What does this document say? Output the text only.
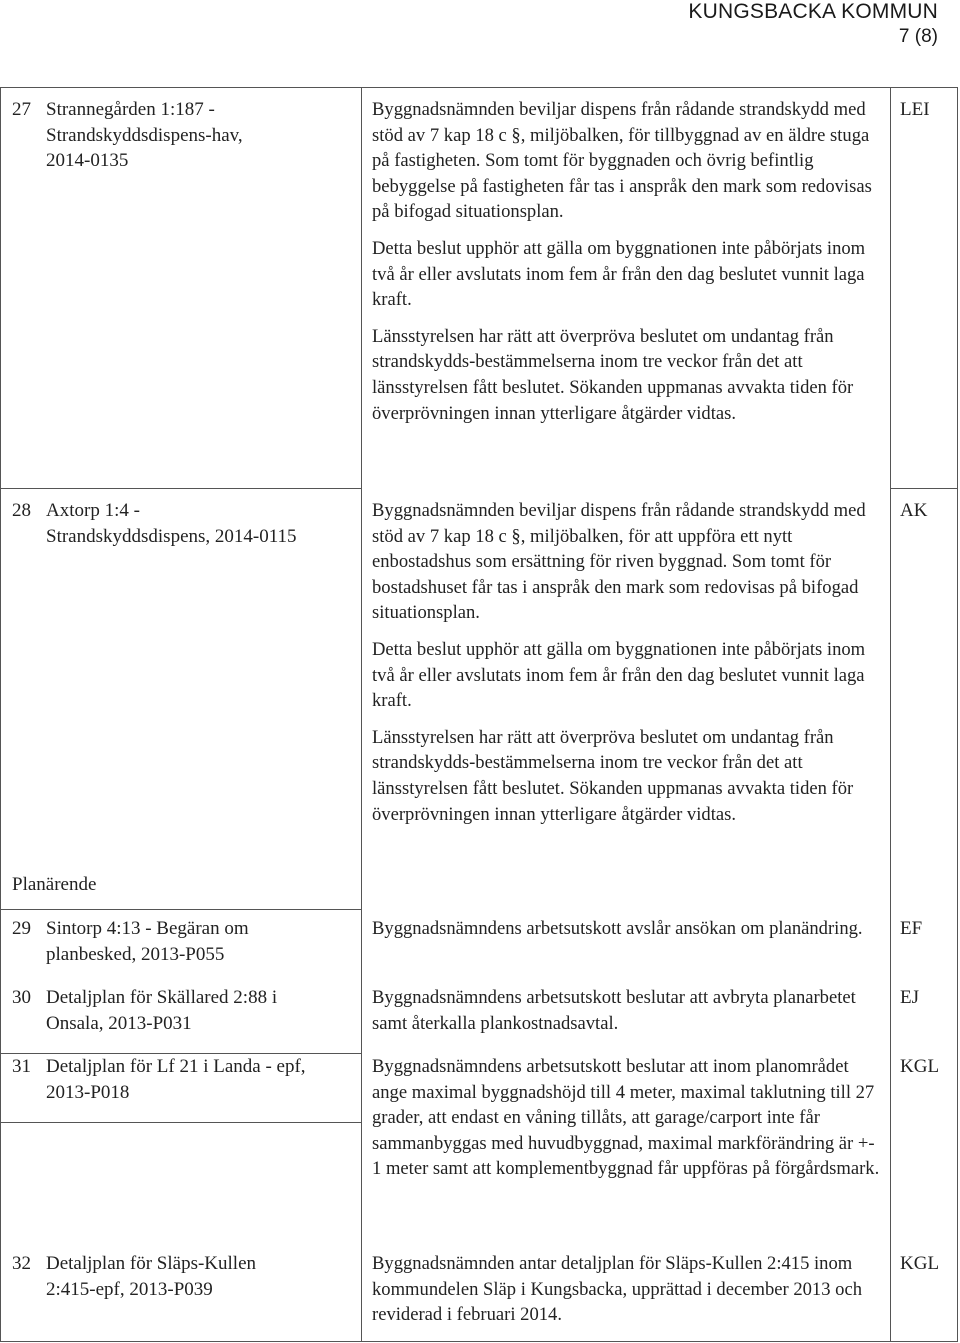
KUNGSBACKA KOMMUN
7 (8)
Planärende
27 Strannegården 1:187 -
Strandskyddsdispens-hav,
2014-0135

Byggnadsnämnden beviljar dispens från rådande strandskydd med stöd av 7 kap 18 c §, miljöbalken, för tillbyggnad av en äldre stuga på fastigheten. Som tomt för byggnaden och övrig befintlig bebyggelse på fastigheten får tas i anspråk den mark som redovisas på bifogad situationsplan.

Detta beslut upphör att gälla om byggnationen inte påbörjats inom två år eller avslutats inom fem år från den dag beslutet vunnit laga kraft.

Länsstyrelsen har rätt att överpröva beslutet om undantag från strandskydds-bestämmelserna inom tre veckor från det att länsstyrelsen fått beslutet. Sökanden uppmanas avvakta tiden för överprövningen innan ytterligare åtgärder vidtas.

LEI
28 Axtorp 1:4 -
Strandskyddsdispens, 2014-0115

Byggnadsnämnden beviljar dispens från rådande strandskydd med stöd av 7 kap 18 c §, miljöbalken, för att uppföra ett nytt enbostadshus som ersättning för riven byggnad. Som tomt för bostadshuset får tas i anspråk den mark som redovisas på bifogad situationsplan.

Detta beslut upphör att gälla om byggnationen inte påbörjats inom två år eller avslutats inom fem år från den dag beslutet vunnit laga kraft.

Länsstyrelsen har rätt att överpröva beslutet om undantag från strandskydds-bestämmelserna inom tre veckor från det att länsstyrelsen fått beslutet. Sökanden uppmanas avvakta tiden för överprövningen innan ytterligare åtgärder vidtas.

AK
29 Sintorp 4:13 - Begäran om
planbesked, 2013-P055

Byggnadsnämndens arbetsutskott avslår ansökan om planändring.	EF
30 Detaljplan för Skällared 2:88 i
Onsala, 2013-P031

Byggnadsnämndens arbetsutskott beslutar att avbryta planarbetet samt återkalla plankostnadsavtal.

EJ
31 Detaljplan för Lf 21 i Landa - epf,
2013-P018

Byggnadsnämndens arbetsutskott beslutar att inom planområdet ange maximal byggnadshöjd till 4 meter, maximal taklutning till 27 grader, att endast en våning tillåts, att garage/carport inte får sammanbyggas med huvudbyggnad, maximal markförändring är +- 1 meter samt att komplementbyggnad får uppföras på förgårdsmark.

KGL
32 Detaljplan för Släps-Kullen
2:415-epf, 2013-P039

Byggnadsnämnden antar detaljplan för Släps-Kullen 2:415 inom kommundelen Släp i Kungsbacka, upprättad i december 2013 och reviderad i februari 2014.

KGL
